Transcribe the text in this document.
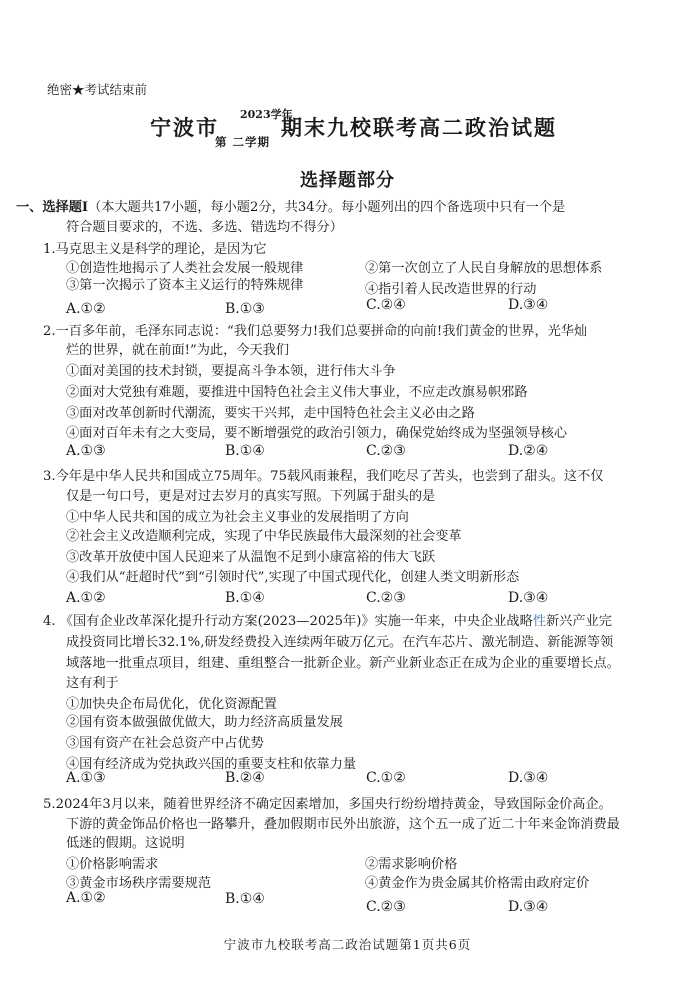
绝密★考试结束前
宁波市	期末九校联考高二政治试题
2023学年
第 二学期
选择题部分
一、选择题Ⅰ（本大题共17小题，每小题2分，共34分。每小题列出的四个备选项中只有一个是
符合题目要求的，不选、多选、错选均不得分）
1.马克思主义是科学的理论，是因为它
①创造性地揭示了人类社会发展一般规律	②第一次创立了人民自身解放的思想体系
③第一次揭示了资本主义运行的特殊规律	④指引着人民改造世界的行动
A.①②	B.①③	C.②④	D.③④
2.一百多年前，毛泽东同志说：“我们总要努力!我们总要拼命的向前!我们黄金的世界，光华灿
烂的世界，就在前面!”为此，今天我们
①面对美国的技术封锁，要提高斗争本领，进行伟大斗争
②面对大党独有难题，要推进中国特色社会主义伟大事业，不应走改旗易帜邪路
③面对改革创新时代潮流，要实干兴邦，走中国特色社会主义必由之路
④面对百年未有之大变局，要不断增强党的政治引领力，确保党始终成为坚强领导核心
A.①③	B.①④	C.②③	D.②④
3.今年是中华人民共和国成立75周年。75载风雨兼程，我们吃尽了苦头，也尝到了甜头。这不仅
仅是一句口号，更是对过去岁月的真实写照。下列属于甜头的是
①中华人民共和国的成立为社会主义事业的发展指明了方向
②社会主义改造顺利完成，实现了中华民族最伟大最深刻的社会变革
③改革开放使中国人民迎来了从温饱不足到小康富裕的伟大飞跃
④我们从“赶超时代”到“引领时代”,实现了中国式现代化，创建人类文明新形态
A.①②	B.①④	C.②③	D.③④
4. 《国有企业改革深化提升行动方案(2023—2025年)》实施一年来，中央企业战略性新兴产业完
成投资同比增长32.1%,研发经费投入连续两年破万亿元。在汽车芯片、激光制造、新能源等领
域落地一批重点项目，组建、重组整合一批新企业。新产业新业态正在成为企业的重要增长点。
这有利于
①加快央企布局优化，优化资源配置
②国有资本做强做优做大，助力经济高质量发展
③国有资产在社会总资产中占优势
④国有经济成为党执政兴国的重要支柱和依靠力量
A.①③	B.②④	C.①②	D.③④
5.2024年3月以来，随着世界经济不确定因素增加，多国央行纷纷增持黄金，导致国际金价高企。
下游的黄金饰品价格也一路攀升，叠加假期市民外出旅游，这个五一成了近二十年来金饰消费最
低迷的假期。这说明
①价格影响需求	②需求影响价格
③黄金市场秩序需要规范	④黄金作为贵金属其价格需由政府定价
A.①②	B.①④	C.②③	D.③④
宁波市九校联考高二政治试题第1页共6页
